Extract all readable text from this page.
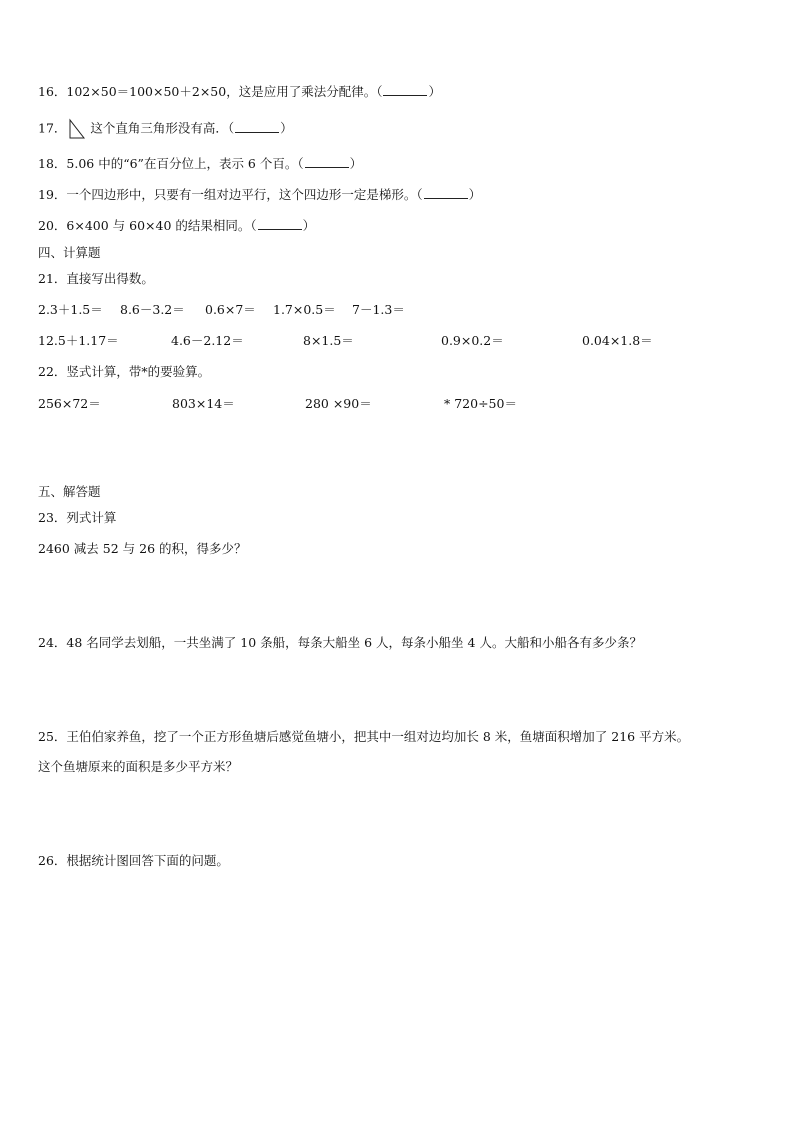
16．102×50＝100×50＋2×50，这是应用了乘法分配律。（	）
17． 这个直角三角形没有高．（	）
18．5.06 中的“6”在百分位上，表示 6 个百。（	）
19．一个四边形中，只要有一组对边平行，这个四边形一定是梯形。（	）
20．6×400 与 60×40 的结果相同。（	）
四、计算题
21．直接写出得数。
2.3＋1.5＝ 8.6－3.2＝ 0.6×7＝ 1.7×0.5＝ 7－1.3＝
12.5＋1.17＝	4.6－2.12＝	8×1.5＝	0.9×0.2＝	0.04×1.8＝
22．竖式计算，带*的要验算。
256×72＝	803×14＝	280 ×90＝	* 720÷50＝
五、解答题
23．列式计算
2460 减去 52 与 26 的积，得多少？
24．48 名同学去划船，一共坐满了 10 条船，每条大船坐 6 人，每条小船坐 4 人。大船和小船各有多少条？
25．王伯伯家养鱼，挖了一个正方形鱼塘后感觉鱼塘小，把其中一组对边均加长 8 米，鱼塘面积增加了 216 平方米。
这个鱼塘原来的面积是多少平方米？
26．根据统计图回答下面的问题。
